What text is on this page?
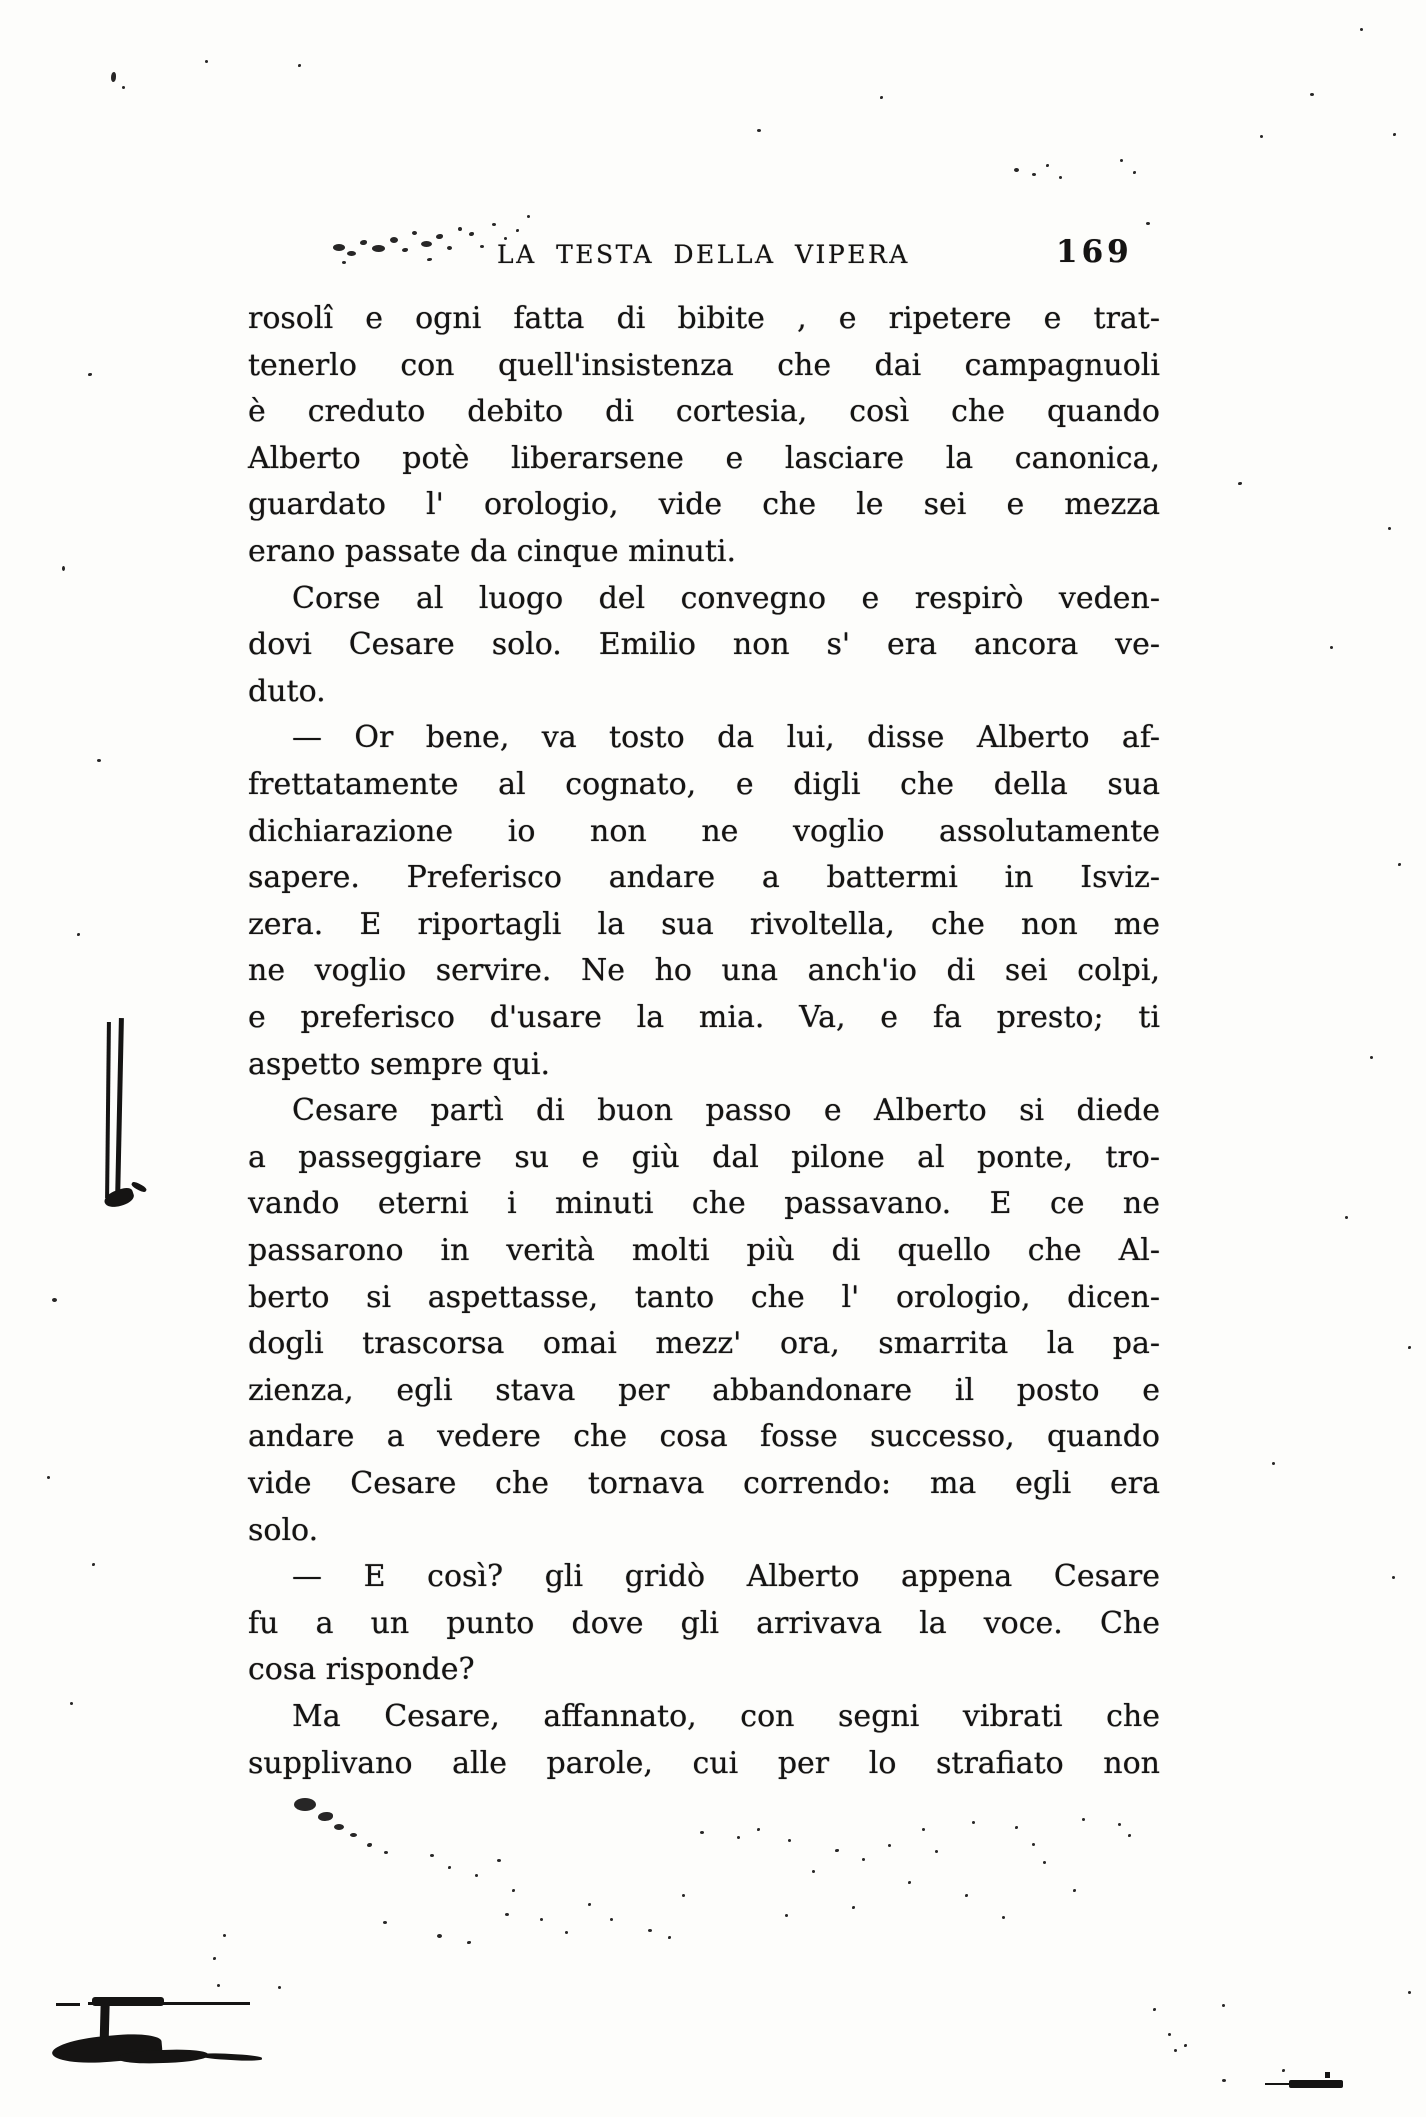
LA TESTA DELLA VIPERA	169
rosolî e ogni fatta di bibite , e ripetere e trat-
tenerlo con quell'insistenza che dai campagnuoli
è creduto debito di cortesia, così che quando
Alberto potè liberarsene e lasciare la canonica,
guardato l' orologio, vide che le sei e mezza
erano passate da cinque minuti.
Corse al luogo del convegno e respirò veden-
dovi Cesare solo. Emilio non s' era ancora ve-
duto.
— Or bene, va tosto da lui, disse Alberto af-
frettatamente al cognato, e digli che della sua
dichiarazione io non ne voglio assolutamente
sapere. Preferisco andare a battermi in Isviz-
zera. E riportagli la sua rivoltella, che non me
ne voglio servire. Ne ho una anch'io di sei colpi,
e preferisco d'usare la mia. Va, e fa presto; ti
aspetto sempre qui.
Cesare partì di buon passo e Alberto si diede
a passeggiare su e giù dal pilone al ponte, tro-
vando eterni i minuti che passavano. E ce ne
passarono in verità molti più di quello che Al-
berto si aspettasse, tanto che l' orologio, dicen-
dogli trascorsa omai mezz' ora, smarrita la pa-
zienza, egli stava per abbandonare il posto e
andare a vedere che cosa fosse successo, quando
vide Cesare che tornava correndo: ma egli era
solo.
— E così? gli gridò Alberto appena Cesare
fu a un punto dove gli arrivava la voce. Che
cosa risponde?
Ma Cesare, affannato, con segni vibrati che
supplivano alle parole, cui per lo strafiato non
